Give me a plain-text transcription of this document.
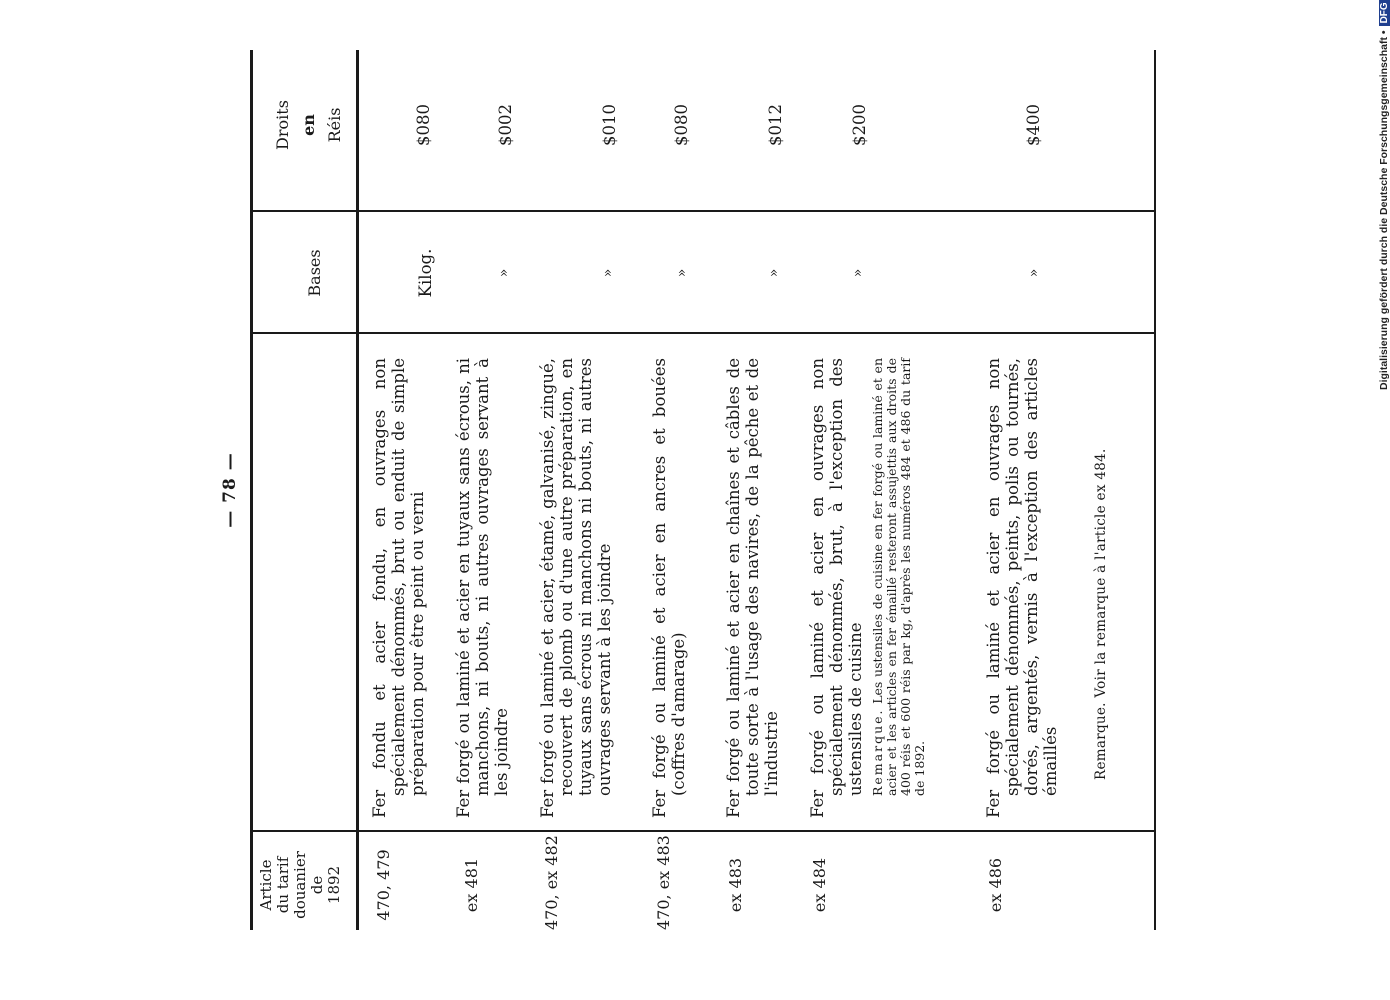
— 78 —
Article du tarif douanier de 1892
Bases
Droits en Réis
470, 479
Fer fondu et acier fondu, en ouvrages non spécialement dénommés, brut ou enduit de simple préparation pour être peint ou verni
Kilog.
$080
ex 481
Fer forgé ou laminé et acier en tuyaux sans écrous, ni manchons, ni bouts, ni autres ouvrages servant à les joindre
»
$002
470, ex 482
Fer forgé ou laminé et acier, étamé, galvanisé, zingué, recouvert de plomb ou d'une autre préparation, en tuyaux sans écrous ni manchons ni bouts, ni autres ouvrages servant à les joindre
»
$010
470, ex 483
Fer forgé ou laminé et acier en ancres et bouées (coffres d'amarage)
»
$080
ex 483
Fer forgé ou laminé et acier en chaînes et câbles de toute sorte à l'usage des navires, de la pêche et de l'industrie
»
$012
ex 484
Fer forgé ou laminé et acier en ouvrages non spécialement dénommés, brut, à l'exception des ustensiles de cuisine Remarque. Les ustensiles de cuisine en fer forgé ou laminé et en acier et les articles en fer émaillé resteront assujettis aux droits de 400 réis et 600 réis par kg, d'après les numéros 484 et 486 du tarif de 1892.
»
$200
ex 486
Fer forgé ou laminé et acier en ouvrages non spécialement dénommés, peints, polis ou tournés, dorés, argentés, vernis à l'exception des articles émaillés
»
$400
Remarque. Voir la remarque à l'article ex 484.
Digitalisierung gefördert durch die Deutsche Forschungsgemeinschaft •DFG
